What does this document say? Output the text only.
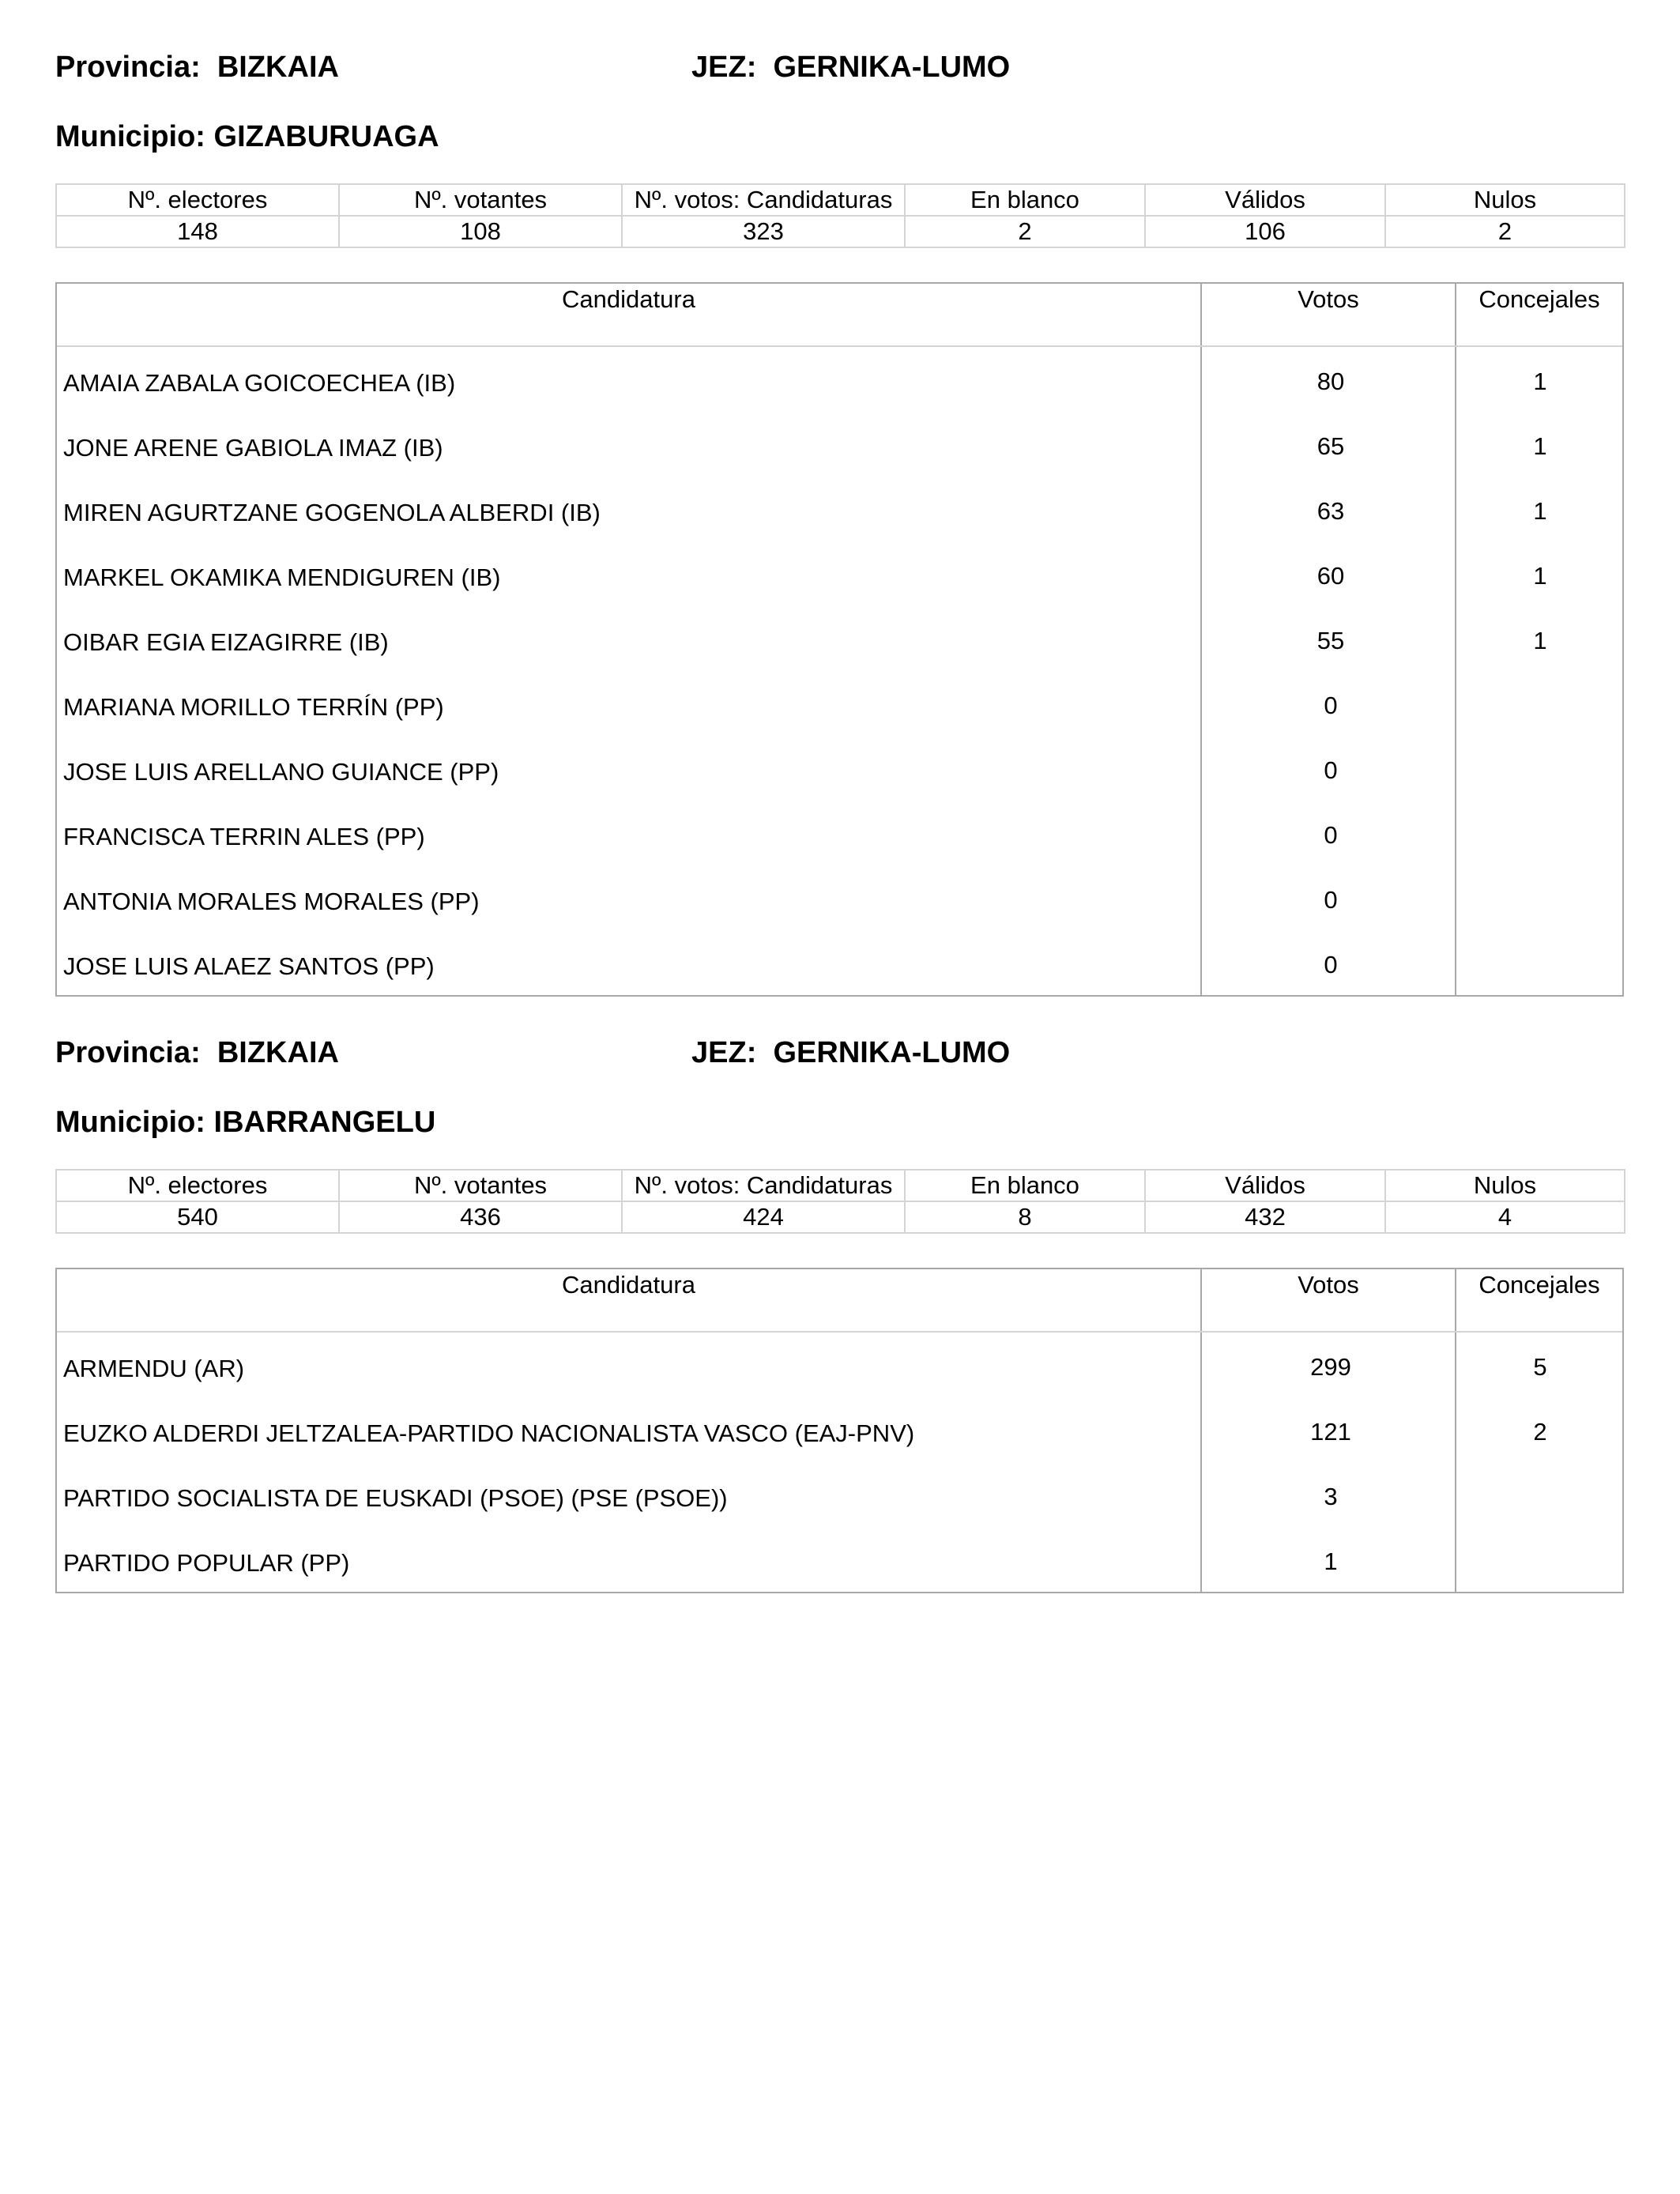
Provincia:  BIZKAIA	JEZ:  GERNIKA-LUMO
Municipio: GIZABURUAGA
Nº. electores	Nº. votantes	Nº. votos: Candidaturas	En blanco	Válidos	Nulos
148	108	323	2	106	2
Candidatura	Votos	Concejales
AMAIA ZABALA GOICOECHEA (IB)	80	1
JONE ARENE GABIOLA IMAZ (IB)	65	1
MIREN AGURTZANE GOGENOLA ALBERDI (IB)	63	1
MARKEL OKAMIKA MENDIGUREN (IB)	60	1
OIBAR EGIA EIZAGIRRE (IB)	55	1
MARIANA MORILLO TERRÍN (PP)	0
JOSE LUIS ARELLANO GUIANCE (PP)	0
FRANCISCA TERRIN ALES (PP)	0
ANTONIA MORALES MORALES (PP)	0
JOSE LUIS ALAEZ SANTOS (PP)	0
Provincia:  BIZKAIA	JEZ:  GERNIKA-LUMO
Municipio: IBARRANGELU
Nº. electores	Nº. votantes	Nº. votos: Candidaturas	En blanco	Válidos	Nulos
540	436	424	8	432	4
Candidatura	Votos	Concejales
ARMENDU (AR)	299	5
EUZKO ALDERDI JELTZALEA-PARTIDO NACIONALISTA VASCO (EAJ-PNV)	121	2
PARTIDO SOCIALISTA DE EUSKADI (PSOE) (PSE (PSOE))	3
PARTIDO POPULAR (PP)	1
